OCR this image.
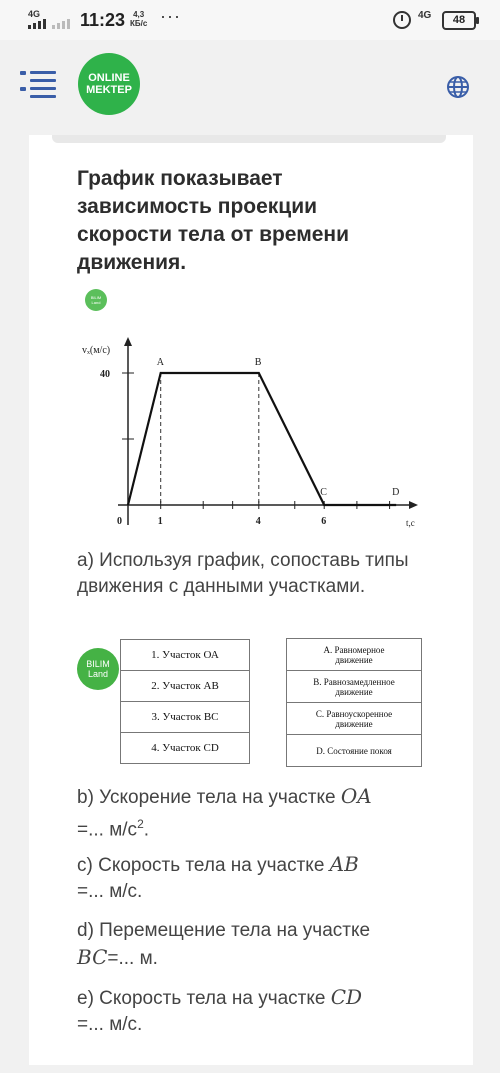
4G 11:23	4,3
КБ/с ···	4G	48
ONLINE
MEKTEP
График показывает зависимость проекции скорости тела от времени движения.
BILIM
Land
A	B
C	D
0	1	4	6
40
vₓ(м/с)
t,с

а) Используя график, сопоставь типы движения с данными участками.

BILIM
Land
1. Участок ОА
2. Участок АВ
3. Участок ВС
4. Участок CD
А. Равномерное
движение
В. Равнозамедленное
движение
С. Равноускоренное
движение
D. Состояние покоя

b) Ускорение тела на участке OA
=... $м/с^2$.

с) Скорость тела на участке AB
=... м/с.

d) Перемещение тела на участке
BC=... м.

е) Скорость тела на участке CD
=... м/с.
